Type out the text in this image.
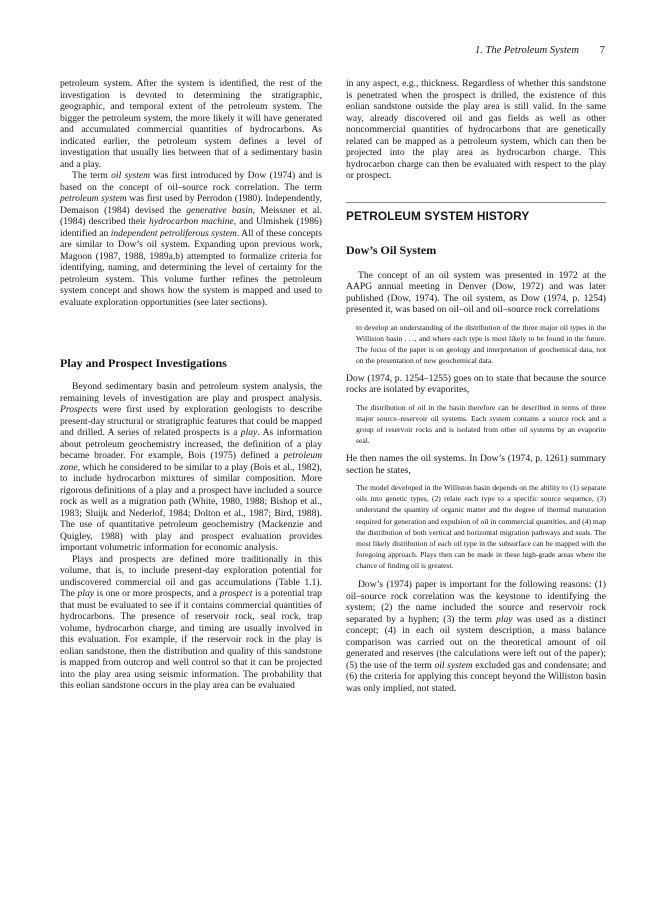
1. The Petroleum System 7

petroleum system. After the system is identified, the rest of the investigation is devoted to determining the stratigraphic, geographic, and temporal extent of the petroleum system. The bigger the petroleum system, the more likely it will have generated and accumulated commercial quantities of hydrocarbons. As indicated earlier, the petroleum system defines a level of investigation that usually lies between that of a sedimentary basin and a play.

The term oil system was first introduced by Dow (1974) and is based on the concept of oil–source rock correlation. The term petroleum system was first used by Perrodon (1980). Independently, Demaison (1984) devised the generative basin, Meissner et al. (1984) described their hydrocarbon machine, and Ulmishek (1986) identified an independent petroliferous system. All of these concepts are similar to Dow’s oil system. Expanding upon previous work, Magoon (1987, 1988, 1989a,b) attempted to formalize criteria for identifying, naming, and determining the level of certainty for the petroleum system. This volume further refines the petroleum system concept and shows how the system is mapped and used to evaluate exploration opportunities (see later sections).

Play and Prospect Investigations

Beyond sedimentary basin and petroleum system analysis, the remaining levels of investigation are play and prospect analysis. Prospects were first used by exploration geologists to describe present-day structural or stratigraphic features that could be mapped and drilled. A series of related prospects is a play. As information about petroleum geochemistry increased, the definition of a play became broader. For example, Bois (1975) defined a petroleum zone, which he considered to be similar to a play (Bois et al., 1982), to include hydrocarbon mixtures of similar composition. More rigorous definitions of a play and a prospect have included a source rock as well as a migration path (White, 1980, 1988; Bishop et al., 1983; Sluijk and Nederlof, 1984; Dolton et al., 1987; Bird, 1988). The use of quantitative petroleum geochemistry (Mackenzie and Quigley, 1988) with play and prospect evaluation provides important volumetric information for economic analysis.

Plays and prospects are defined more traditionally in this volume, that is, to include present-day exploration potential for undiscovered commercial oil and gas accumulations (Table 1.1). The play is one or more prospects, and a prospect is a potential trap that must be evaluated to see if it contains commercial quantities of hydrocarbons. The presence of reservoir rock, seal rock, trap volume, hydrocarbon charge, and timing are usually involved in this evaluation. For example, if the reservoir rock in the play is eolian sandstone, then the distribution and quality of this sandstone is mapped from outcrop and well control so that it can be projected into the play area using seismic information. The probability that this eolian sandstone occurs in the play area can be evaluated

in any aspect, e.g., thickness. Regardless of whether this sandstone is penetrated when the prospect is drilled, the existence of this eolian sandstone outside the play area is still valid. In the same way, already discovered oil and gas fields as well as other noncommercial quantities of hydrocarbons that are genetically related can be mapped as a petroleum system, which can then be projected into the play area as hydrocarbon charge. This hydrocarbon charge can then be evaluated with respect to the play or prospect.

PETROLEUM SYSTEM HISTORY
Dow’s Oil System

The concept of an oil system was presented in 1972 at the AAPG annual meeting in Denver (Dow, 1972) and was later published (Dow, 1974). The oil system, as Dow (1974, p. 1254) presented it, was based on oil–oil and oil–source rock correlations

to develop an understanding of the distribution of the three major oil types in the Williston basin . . ., and where each type is most likely to be found in the future. The focus of the paper is on geology and interpretation of geochemical data, not on the presentation of new geochemical data.

Dow (1974, p. 1254–1255) goes on to state that because the source rocks are isolated by evaporites,

The distribution of oil in the basin therefore can be described in terms of three major source–reservoir oil systems. Each system contains a source rock and a group of reservoir rocks and is isolated from other oil systems by an evaporite seal.

He then names the oil systems. In Dow’s (1974, p. 1261) summary section he states,

The model developed in the Williston basin depends on the ability to (1) separate oils into genetic types, (2) relate each type to a specific source sequence, (3) understand the quantity of organic matter and the degree of thermal maturation required for generation and expulsion of oil in commercial quantities, and (4) map the distribution of both vertical and horizontal migration pathways and seals. The most likely distribution of each oil type in the subsurface can be mapped with the foregoing approach. Plays then can be made in these high-grade areas where the chance of finding oil is greatest.

Dow’s (1974) paper is important for the following reasons: (1) oil–source rock correlation was the keystone to identifying the system; (2) the name included the source and reservoir rock separated by a hyphen; (3) the term play was used as a distinct concept; (4) in each oil system description, a mass balance comparison was carried out on the theoretical amount of oil generated and reserves (the calculations were left out of the paper); (5) the use of the term oil system excluded gas and condensate; and (6) the criteria for applying this concept beyond the Williston basin was only implied, not stated.
